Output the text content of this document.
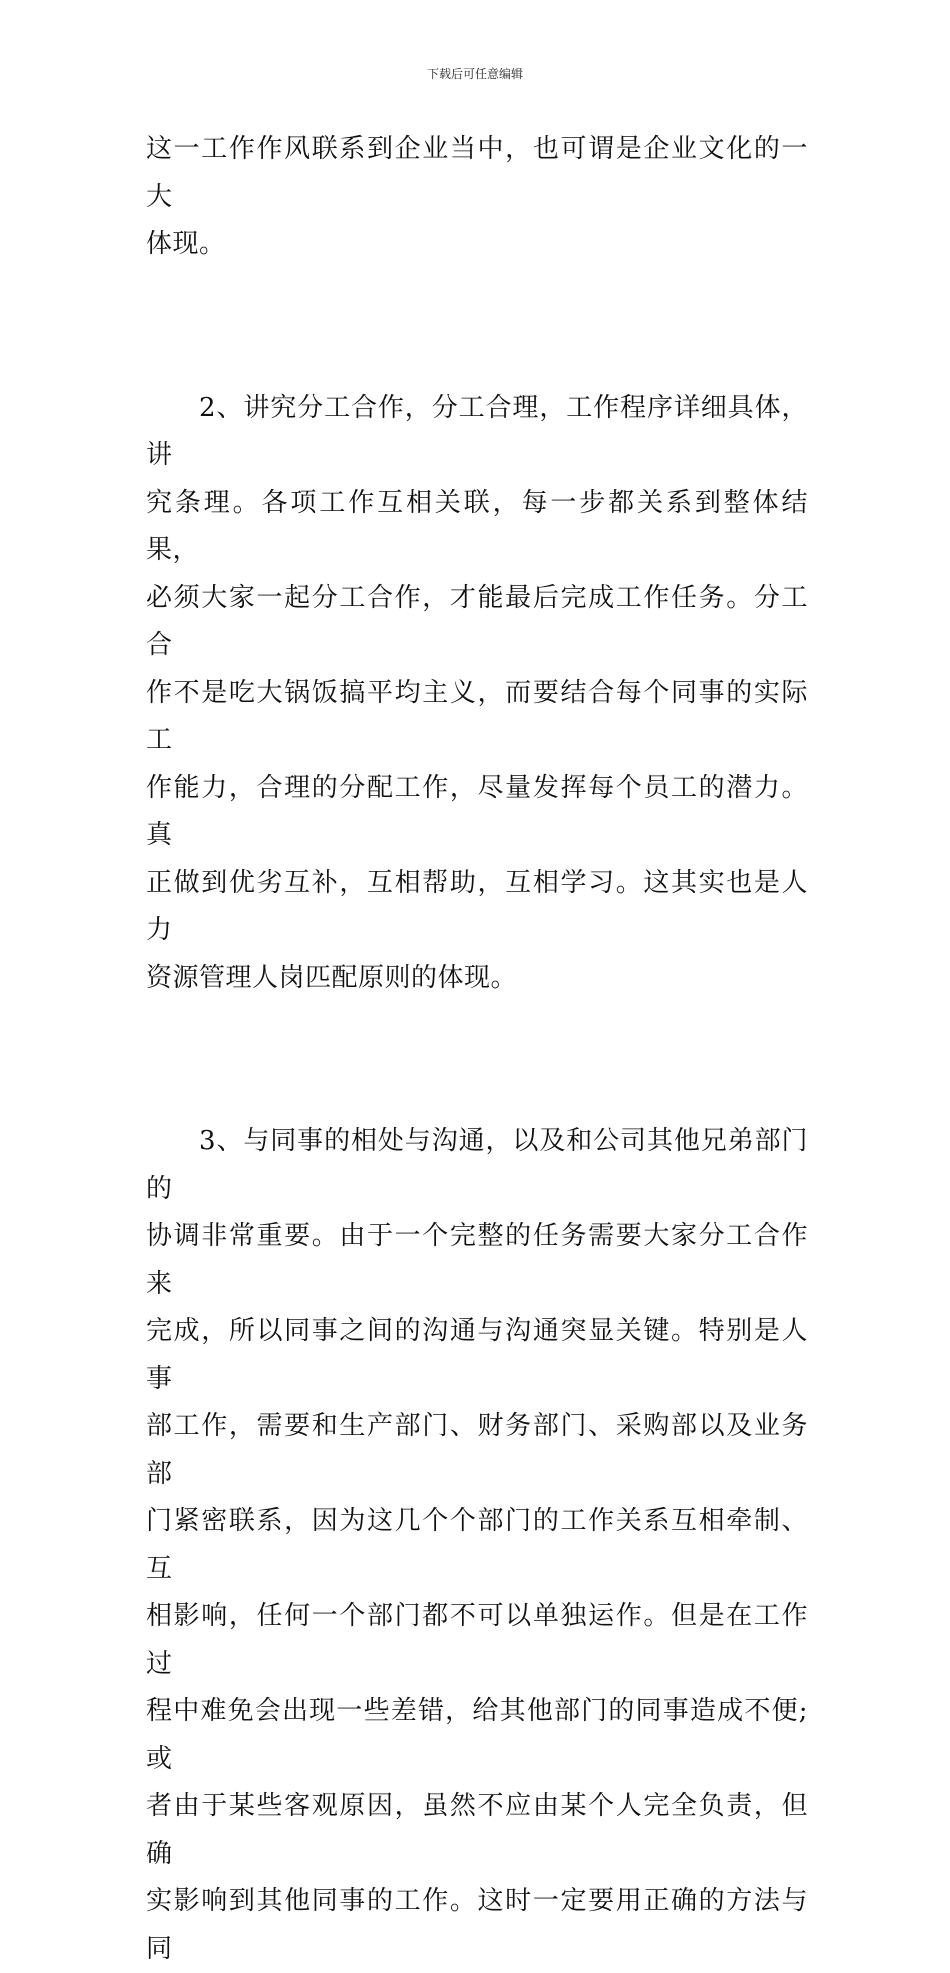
下载后可任意编辑
这一工作作风联系到企业当中，也可谓是企业文化的一大
体现。
2、讲究分工合作，分工合理，工作程序详细具体，讲
究条理。各项工作互相关联，每一步都关系到整体结果，
必须大家一起分工合作，才能最后完成工作任务。分工合
作不是吃大锅饭搞平均主义，而要结合每个同事的实际工
作能力，合理的分配工作，尽量发挥每个员工的潜力。真
正做到优劣互补，互相帮助，互相学习。这其实也是人力
资源管理人岗匹配原则的体现。
3、与同事的相处与沟通，以及和公司其他兄弟部门的
协调非常重要。由于一个完整的任务需要大家分工合作来
完成，所以同事之间的沟通与沟通突显关键。特别是人事
部工作，需要和生产部门、财务部门、采购部以及业务部
门紧密联系，因为这几个个部门的工作关系互相牵制、互
相影响，任何一个部门都不可以单独运作。但是在工作过
程中难免会出现一些差错，给其他部门的同事造成不便;或
者由于某些客观原因，虽然不应由某个人完全负责，但确
实影响到其他同事的工作。这时一定要用正确的方法与同
